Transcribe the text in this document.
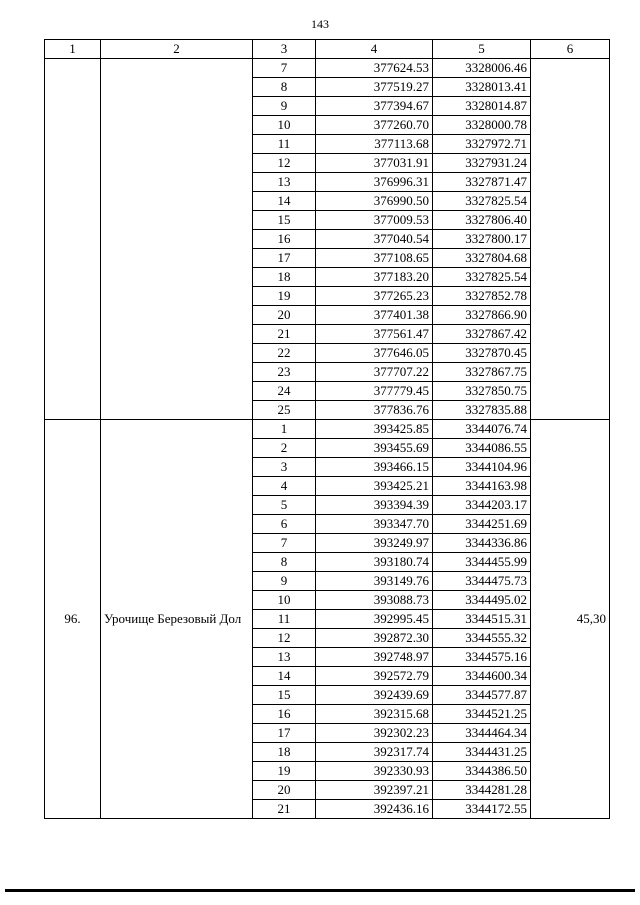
143
1	2	3	4	5	6
		7	377624.53	3328006.46	
		8	377519.27	3328013.41	
		9	377394.67	3328014.87	
		10	377260.70	3328000.78	
		11	377113.68	3327972.71	
		12	377031.91	3327931.24	
		13	376996.31	3327871.47	
		14	376990.50	3327825.54	
		15	377009.53	3327806.40	
		16	377040.54	3327800.17	
		17	377108.65	3327804.68	
		18	377183.20	3327825.54	
		19	377265.23	3327852.78	
		20	377401.38	3327866.90	
		21	377561.47	3327867.42	
		22	377646.05	3327870.45	
		23	377707.22	3327867.75	
		24	377779.45	3327850.75	
		25	377836.76	3327835.88	
96.	Урочище Березовый Дол	1	393425.85	3344076.74	45,30
		2	393455.69	3344086.55	
		3	393466.15	3344104.96	
		4	393425.21	3344163.98	
		5	393394.39	3344203.17	
		6	393347.70	3344251.69	
		7	393249.97	3344336.86	
		8	393180.74	3344455.99	
		9	393149.76	3344475.73	
		10	393088.73	3344495.02	
		11	392995.45	3344515.31	
		12	392872.30	3344555.32	
		13	392748.97	3344575.16	
		14	392572.79	3344600.34	
		15	392439.69	3344577.87	
		16	392315.68	3344521.25	
		17	392302.23	3344464.34	
		18	392317.74	3344431.25	
		19	392330.93	3344386.50	
		20	392397.21	3344281.28	
		21	392436.16	3344172.55	
